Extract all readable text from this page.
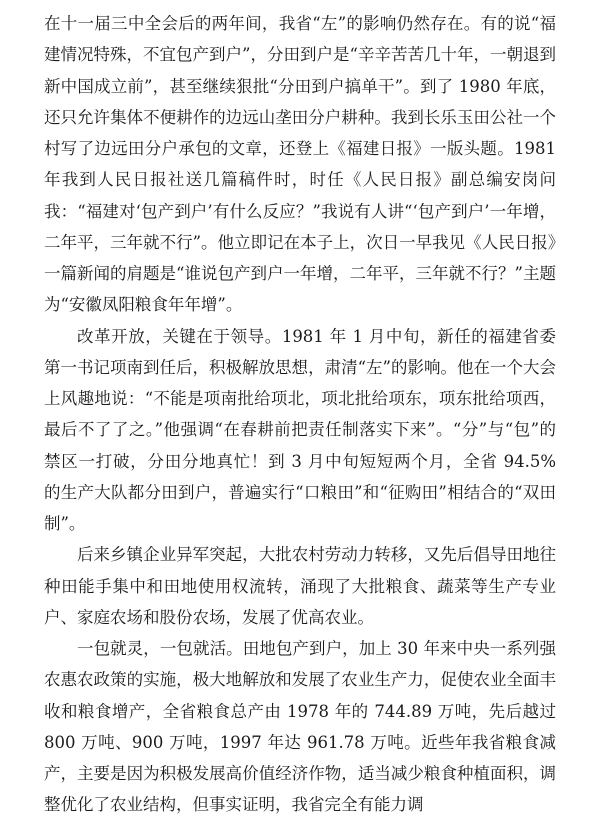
在十一届三中全会后的两年间，我省“左”的影响仍然存在。有的说“福建情况特殊，不宜包产到户”，分田到户是“辛辛苦苦几十年，一朝退到新中国成立前”，甚至继续狠批“分田到户搞单干”。到了 1980 年底，还只允许集体不便耕作的边远山垄田分户耕种。我到长乐玉田公社一个村写了边远田分户承包的文章，还登上《福建日报》一版头题。1981 年我到人民日报社送几篇稿件时，时任《人民日报》副总编安岗问我：“福建对‘包产到户’有什么反应？”我说有人讲“‘包产到户’一年增，二年平，三年就不行”。他立即记在本子上，次日一早我见《人民日报》一篇新闻的肩题是“谁说包产到户一年增，二年平，三年就不行？”主题为“安徽凤阳粮食年年增”。

改革开放，关键在于领导。1981 年 1 月中旬，新任的福建省委第一书记项南到任后，积极解放思想，肃清“左”的影响。他在一个大会上风趣地说：“不能是项南批给项北，项北批给项东，项东批给项西，最后不了了之。”他强调“在春耕前把责任制落实下来”。“分”与“包”的禁区一打破，分田分地真忙！到 3 月中旬短短两个月，全省 94.5% 的生产大队都分田到户，普遍实行“口粮田”和“征购田”相结合的“双田制”。

后来乡镇企业异军突起，大批农村劳动力转移，又先后倡导田地往种田能手集中和田地使用权流转，涌现了大批粮食、蔬菜等生产专业户、家庭农场和股份农场，发展了优高农业。

一包就灵，一包就活。田地包产到户，加上 30 年来中央一系列强农惠农政策的实施，极大地解放和发展了农业生产力，促使农业全面丰收和粮食增产，全省粮食总产由 1978 年的 744.89 万吨，先后越过 800 万吨、900 万吨，1997 年达 961.78 万吨。近些年我省粮食减产，主要是因为积极发展高价值经济作物，适当减少粮食种植面积，调整优化了农业结构，但事实证明，我省完全有能力调
